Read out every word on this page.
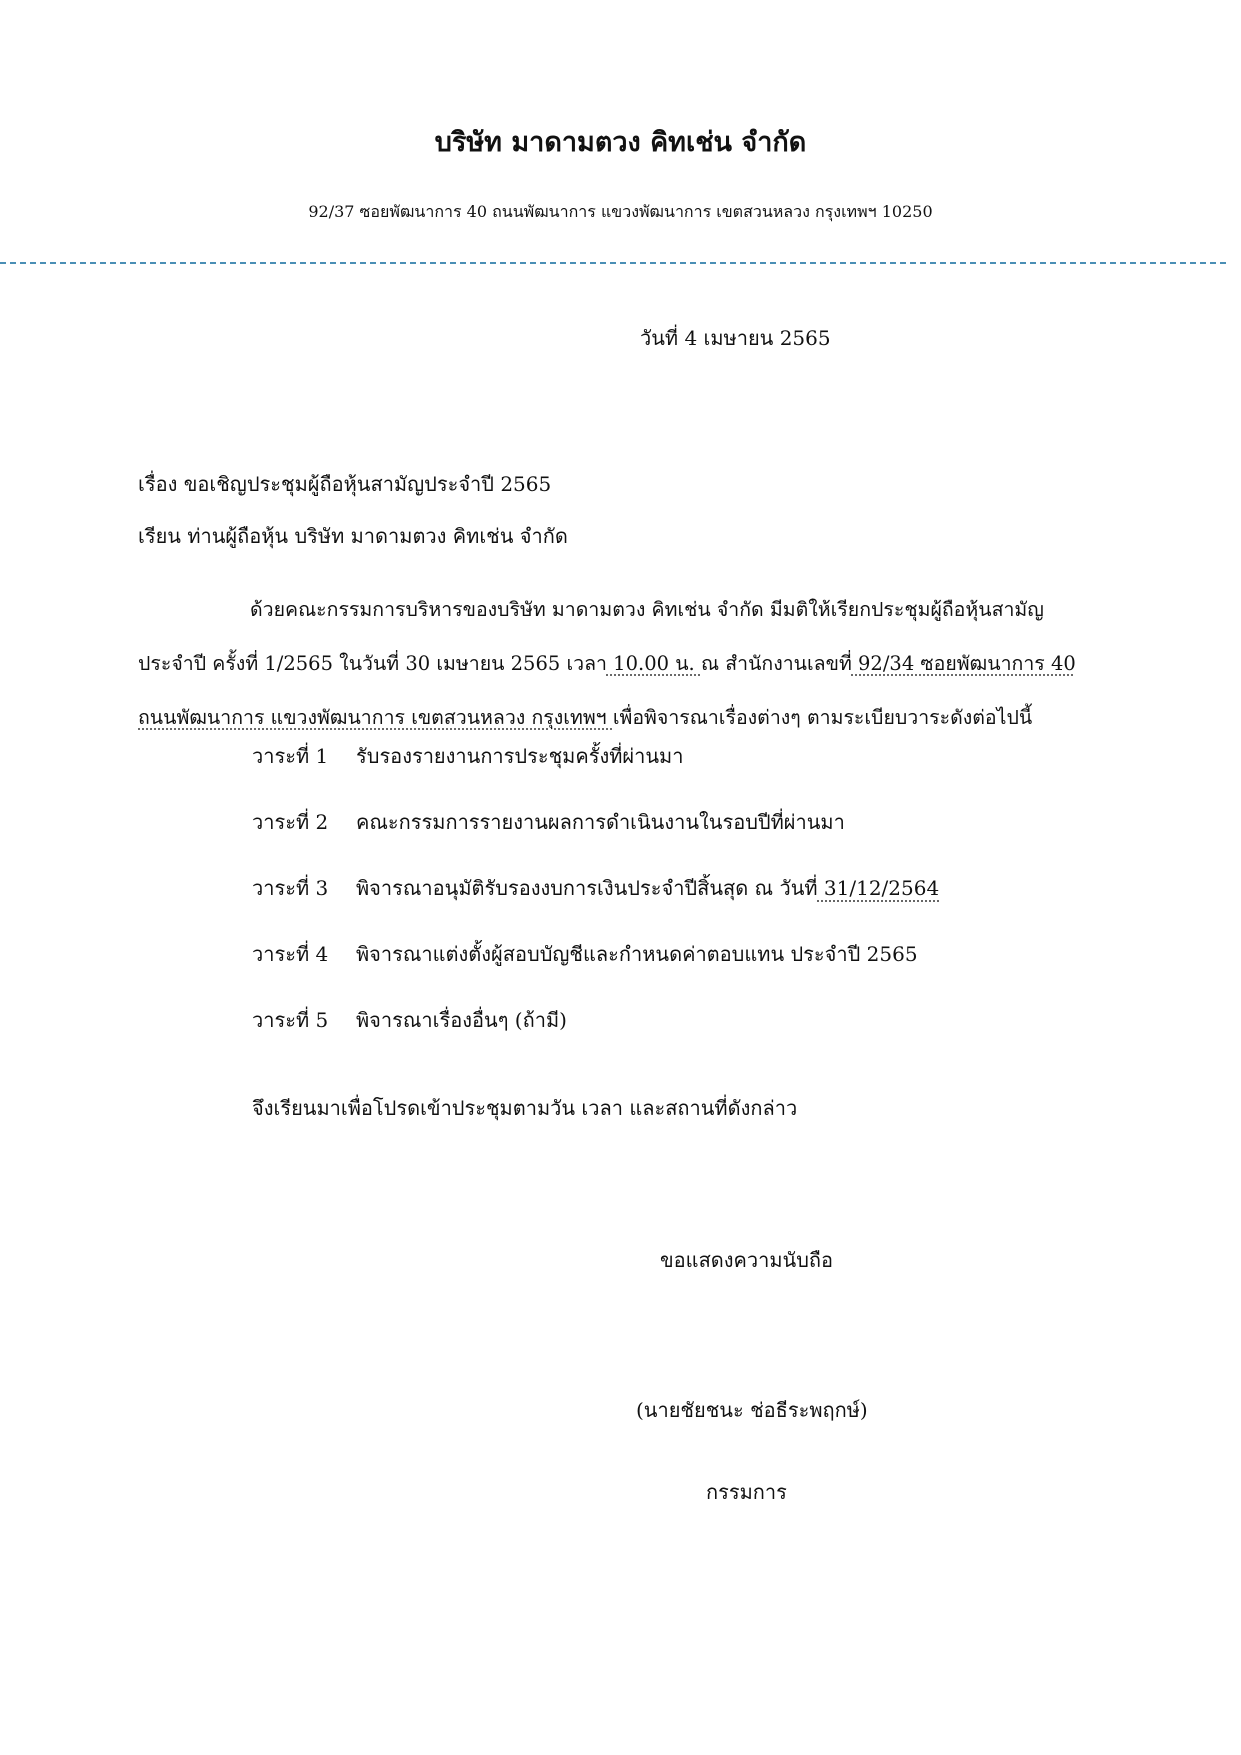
บริษัท มาดามตวง คิทเช่น จำกัด
92/37 ซอยพัฒนาการ 40 ถนนพัฒนาการ แขวงพัฒนาการ เขตสวนหลวง กรุงเทพฯ 10250
วันที่ 4 เมษายน 2565
เรื่อง ขอเชิญประชุมผู้ถือหุ้นสามัญประจำปี 2565
เรียน ท่านผู้ถือหุ้น บริษัท มาดามตวง คิทเช่น จำกัด
ด้วยคณะกรรมการบริหารของบริษัท มาดามตวง คิทเช่น จำกัด มีมติให้เรียกประชุมผู้ถือหุ้นสามัญ
ประจำปี ครั้งที่ 1/2565 ในวันที่ 30 เมษายน 2565 เวลา 10.00 น. ณ สำนักงานเลขที่ 92/34 ซอยพัฒนาการ 40
ถนนพัฒนาการ แขวงพัฒนาการ เขตสวนหลวง กรุงเทพฯ เพื่อพิจารณาเรื่องต่างๆ ตามระเบียบวาระดังต่อไปนี้
วาระที่ 1 รับรองรายงานการประชุมครั้งที่ผ่านมา
วาระที่ 2 คณะกรรมการรายงานผลการดำเนินงานในรอบปีที่ผ่านมา
วาระที่ 3 พิจารณาอนุมัติรับรองงบการเงินประจำปีสิ้นสุด ณ วันที่ 31/12/2564
วาระที่ 4 พิจารณาแต่งตั้งผู้สอบบัญชีและกำหนดค่าตอบแทน ประจำปี 2565
วาระที่ 5 พิจารณาเรื่องอื่นๆ (ถ้ามี)
จึงเรียนมาเพื่อโปรดเข้าประชุมตามวัน เวลา และสถานที่ดังกล่าว
ขอแสดงความนับถือ
(นายชัยชนะ ช่อธีระพฤกษ์)
กรรมการ
